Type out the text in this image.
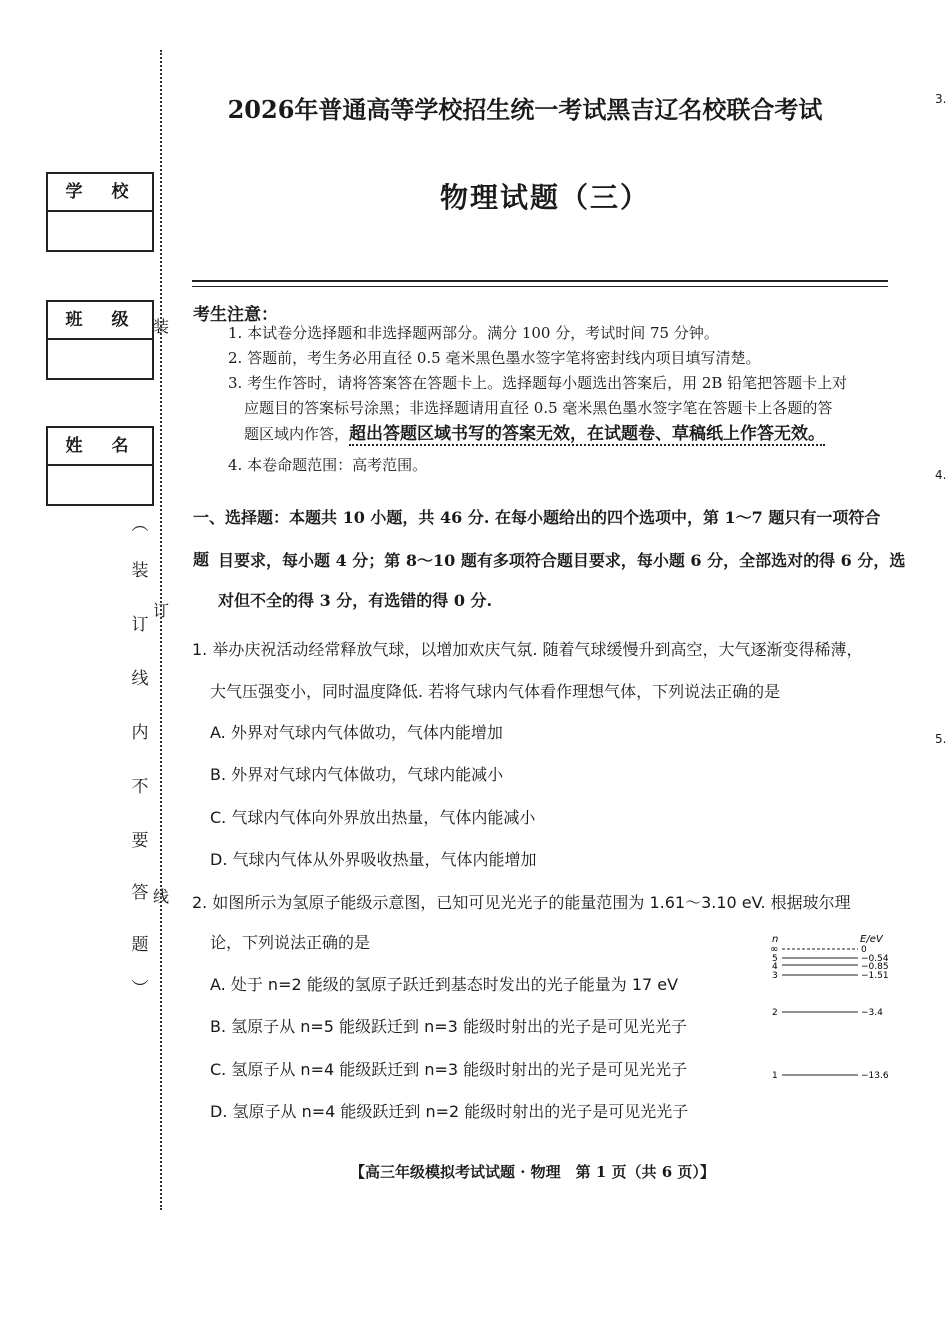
学　校
班　级
姓　名
装
订
线
︵
装
订
线
内
不
要
答
题
︶
3.
4.
5.
2026年普通高等学校招生统一考试黑吉辽名校联合考试
物理试题（三）
考生注意：
1. 本试卷分选择题和非选择题两部分。满分 100 分，考试时间 75 分钟。
2. 答题前，考生务必用直径 0.5 毫米黑色墨水签字笔将密封线内项目填写清楚。
3. 考生作答时，请将答案答在答题卡上。选择题每小题选出答案后，用 2B 铅笔把答题卡上对
应题目的答案标号涂黑；非选择题请用直径 0.5 毫米黑色墨水签字笔在答题卡上各题的答
题区域内作答，超出答题区域书写的答案无效，在试题卷、草稿纸上作答无效。
4. 本卷命题范围：高考范围。
一、选择题：本题共 10 小题，共 46 分. 在每小题给出的四个选项中，第 1～7 题只有一项符合题 目要求，每小题 4 分；第 8～10 题有多项符合题目要求，每小题 6 分，全部选对的得 6 分，选
对但不全的得 3 分，有选错的得 0 分.
1. 举办庆祝活动经常释放气球，以增加欢庆气氛. 随着气球缓慢升到高空，大气逐渐变得稀薄，
大气压强变小，同时温度降低. 若将气球内气体看作理想气体，下列说法正确的是
A. 外界对气球内气体做功，气体内能增加
B. 外界对气球内气体做功，气球内能减小
C. 气球内气体向外界放出热量，气体内能减小
D. 气球内气体从外界吸收热量，气体内能增加
2. 如图所示为氢原子能级示意图，已知可见光光子的能量范围为 1.61～3.10 eV. 根据玻尔理
论，下列说法正确的是
A. 处于 n=2 能级的氢原子跃迁到基态时发出的光子能量为 17 eV
B. 氢原子从 n=5 能级跃迁到 n=3 能级时射出的光子是可见光光子
C. 氢原子从 n=4 能级跃迁到 n=3 能级时射出的光子是可见光光子
D. 氢原子从 n=4 能级跃迁到 n=2 能级时射出的光子是可见光光子
n	E/eV
∞
5
4
3
2
1
0
−0.54
−0.85
−1.51
−3.4
−13.6
【高三年级模拟考试试题 · 物理　第 1 页（共 6 页）】
